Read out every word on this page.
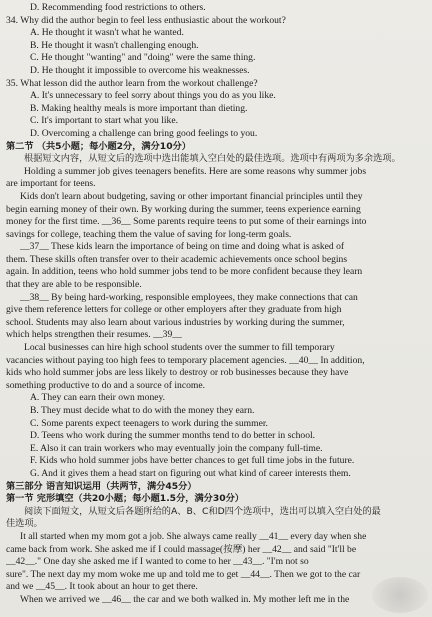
D. Recommending food restrictions to others.
34. Why did the author begin to feel less enthusiastic about the workout?
A. He thought it wasn't what he wanted.
B. He thought it wasn't challenging enough.
C. He thought "wanting" and "doing" were the same thing.
D. He thought it impossible to overcome his weaknesses.
35. What lesson did the author learn from the workout challenge?
A. It's unnecessary to feel sorry about things you do as you like.
B. Making healthy meals is more important than dieting.
C. It's important to start what you like.
D. Overcoming a challenge can bring good feelings to you.
第二节 （共5小题；每小题2分，满分10分）
根据短文内容，从短文后的选项中选出能填入空白处的最佳选项。选项中有两项为多余选项。
Holding a summer job gives teenagers benefits. Here are some reasons why summer jobs
are important for teens.
Kids don't learn about budgeting, saving or other important financial principles until they
begin earning money of their own. By working during the summer, teens experience earning
money for the first time. __36__ Some parents require teens to put some of their earnings into
savings for college, teaching them the value of saving for long-term goals.
__37__ These kids learn the importance of being on time and doing what is asked of
them. These skills often transfer over to their academic achievements once school begins
again. In addition, teens who hold summer jobs tend to be more confident because they learn
that they are able to be responsible.
__38__ By being hard-working, responsible employees, they make connections that can
give them reference letters for college or other employers after they graduate from high
school. Students may also learn about various industries by working during the summer,
which helps strengthen their resumes. __39__
Local businesses can hire high school students over the summer to fill temporary
vacancies without paying too high fees to temporary placement agencies. __40__ In addition,
kids who hold summer jobs are less likely to destroy or rob businesses because they have
something productive to do and a source of income.
A. They can earn their own money.
B. They must decide what to do with the money they earn.
C. Some parents expect teenagers to work during the summer.
D. Teens who work during the summer months tend to do better in school.
E. Also it can train workers who may eventually join the company full-time.
F. Kids who hold summer jobs have better chances to get full time jobs in the future.
G. And it gives them a head start on figuring out what kind of career interests them.
第三部分 语言知识运用（共两节，满分45分）
第一节 完形填空（共20小题；每小题1.5分，满分30分）
阅读下面短文，从短文后各题所给的A、B、C和D四个选项中，选出可以填入空白处的最
佳选项。
It all started when my mom got a job. She always came really __41__ every day when she
came back from work. She asked me if I could massage(按摩) her __42__ and said "It'll be
__42__." One day she asked me if I wanted to come to her __43__. "I'm not so
sure". The next day my mom woke me up and told me to get __44__. Then we got to the car
and we __45__. It took about an hour to get there.
When we arrived we __46__ the car and we both walked in. My mother left me in the
